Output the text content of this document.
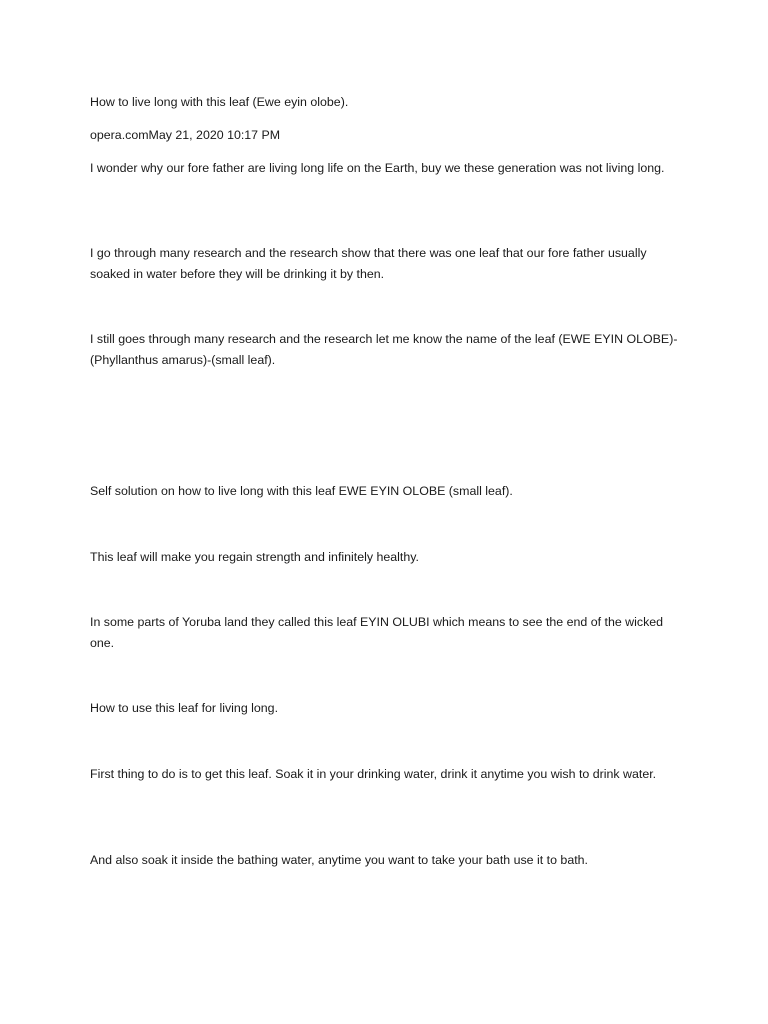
How to live long with this leaf (Ewe eyin olobe).

opera.comMay 21, 2020 10:17 PM

I wonder why our fore father are living long life on the Earth, buy we these generation was not living long.

I go through many research and the research show that there was one leaf that our fore father usually soaked in water before they will be drinking it by then.

I still goes through many research and the research let me know the name of the leaf (EWE EYIN OLOBE)-(Phyllanthus amarus)-(small leaf).

Self solution on how to live long with this leaf EWE EYIN OLOBE (small leaf).

This leaf will make you regain strength and infinitely healthy.

In some parts of Yoruba land they called this leaf EYIN OLUBI which means to see the end of the wicked one.

How to use this leaf for living long.

First thing to do is to get this leaf. Soak it in your drinking water, drink it anytime you wish to drink water.

And also soak it inside the bathing water, anytime you want to take your bath use it to bath.
